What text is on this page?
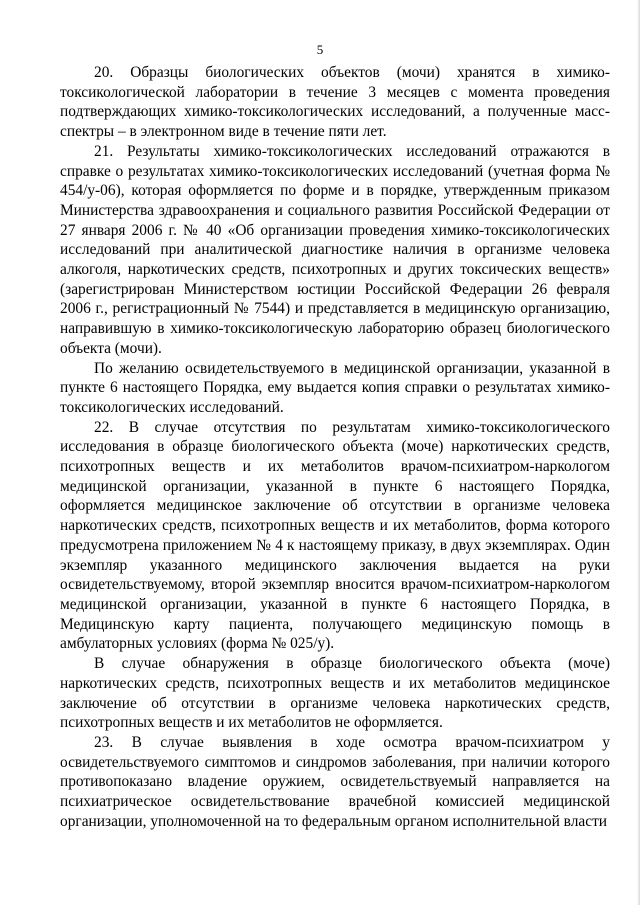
5

20. Образцы биологических объектов (мочи) хранятся в химико-токсикологической лаборатории в течение 3 месяцев с момента проведения подтверждающих химико-токсикологических исследований, а полученные масс-спектры – в электронном виде в течение пяти лет.

21. Результаты химико-токсикологических исследований отражаются в справке о результатах химико-токсикологических исследований (учетная форма № 454/у-06), которая оформляется по форме и в порядке, утвержденным приказом Министерства здравоохранения и социального развития Российской Федерации от 27 января 2006 г. № 40 «Об организации проведения химико-токсикологических исследований при аналитической диагностике наличия в организме человека алкоголя, наркотических средств, психотропных и других токсических веществ» (зарегистрирован Министерством юстиции Российской Федерации 26 февраля 2006 г., регистрационный № 7544) и представляется в медицинскую организацию, направившую в химико-токсикологическую лабораторию образец биологического объекта (мочи).

По желанию освидетельствуемого в медицинской организации, указанной в пункте 6 настоящего Порядка, ему выдается копия справки о результатах химико-токсикологических исследований.

22. В случае отсутствия по результатам химико-токсикологического исследования в образце биологического объекта (моче) наркотических средств, психотропных веществ и их метаболитов врачом-психиатром-наркологом медицинской организации, указанной в пункте 6 настоящего Порядка, оформляется медицинское заключение об отсутствии в организме человека наркотических средств, психотропных веществ и их метаболитов, форма которого предусмотрена приложением № 4 к настоящему приказу, в двух экземплярах. Один экземпляр указанного медицинского заключения выдается на руки освидетельствуемому, второй экземпляр вносится врачом-психиатром-наркологом медицинской организации, указанной в пункте 6 настоящего Порядка, в Медицинскую карту пациента, получающего медицинскую помощь в амбулаторных условиях (форма № 025/у).

В случае обнаружения в образце биологического объекта (моче) наркотических средств, психотропных веществ и их метаболитов медицинское заключение об отсутствии в организме человека наркотических средств, психотропных веществ и их метаболитов не оформляется.

23. В случае выявления в ходе осмотра врачом-психиатром у освидетельствуемого симптомов и синдромов заболевания, при наличии которого противопоказано владение оружием, освидетельствуемый направляется на психиатрическое освидетельствование врачебной комиссией медицинской организации, уполномоченной на то федеральным органом исполнительной власти
